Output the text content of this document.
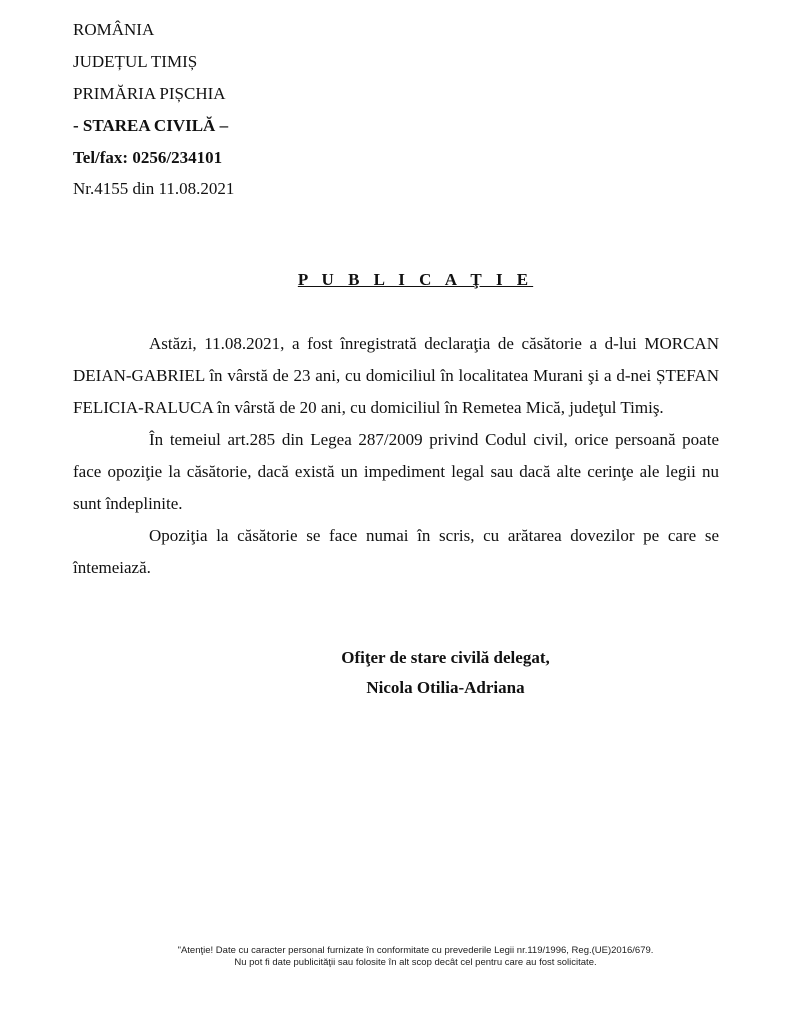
ROMÂNIA
JUDEȚUL TIMIȘ
PRIMĂRIA PIȘCHIA
- STAREA CIVILĂ –
Tel/fax: 0256/234101
Nr.4155 din 11.08.2021
P U B L I C A Ţ I E

Astăzi, 11.08.2021, a fost înregistrată declaraţia de căsătorie a d-lui MORCAN DEIAN-GABRIEL în vârstă de 23 ani, cu domiciliul în localitatea Murani şi a d-nei ȘTEFAN FELICIA-RALUCA în vârstă de 20 ani, cu domiciliul în Remetea Mică, judeţul Timiş.

În temeiul art.285 din Legea 287/2009 privind Codul civil, orice persoană poate face opoziţie la căsătorie, dacă există un impediment legal sau dacă alte cerinţe ale legii nu sunt îndeplinite.

Opoziţia la căsătorie se face numai în scris, cu arătarea dovezilor pe care se întemeiază.

Ofiţer de stare civilă delegat,
Nicola Otilia-Adriana
"Atenţie! Date cu caracter personal furnizate în conformitate cu prevederile Legii nr.119/1996, Reg.(UE)2016/679.
Nu pot fi date publicităţii sau folosite în alt scop decât cel pentru care au fost solicitate.
